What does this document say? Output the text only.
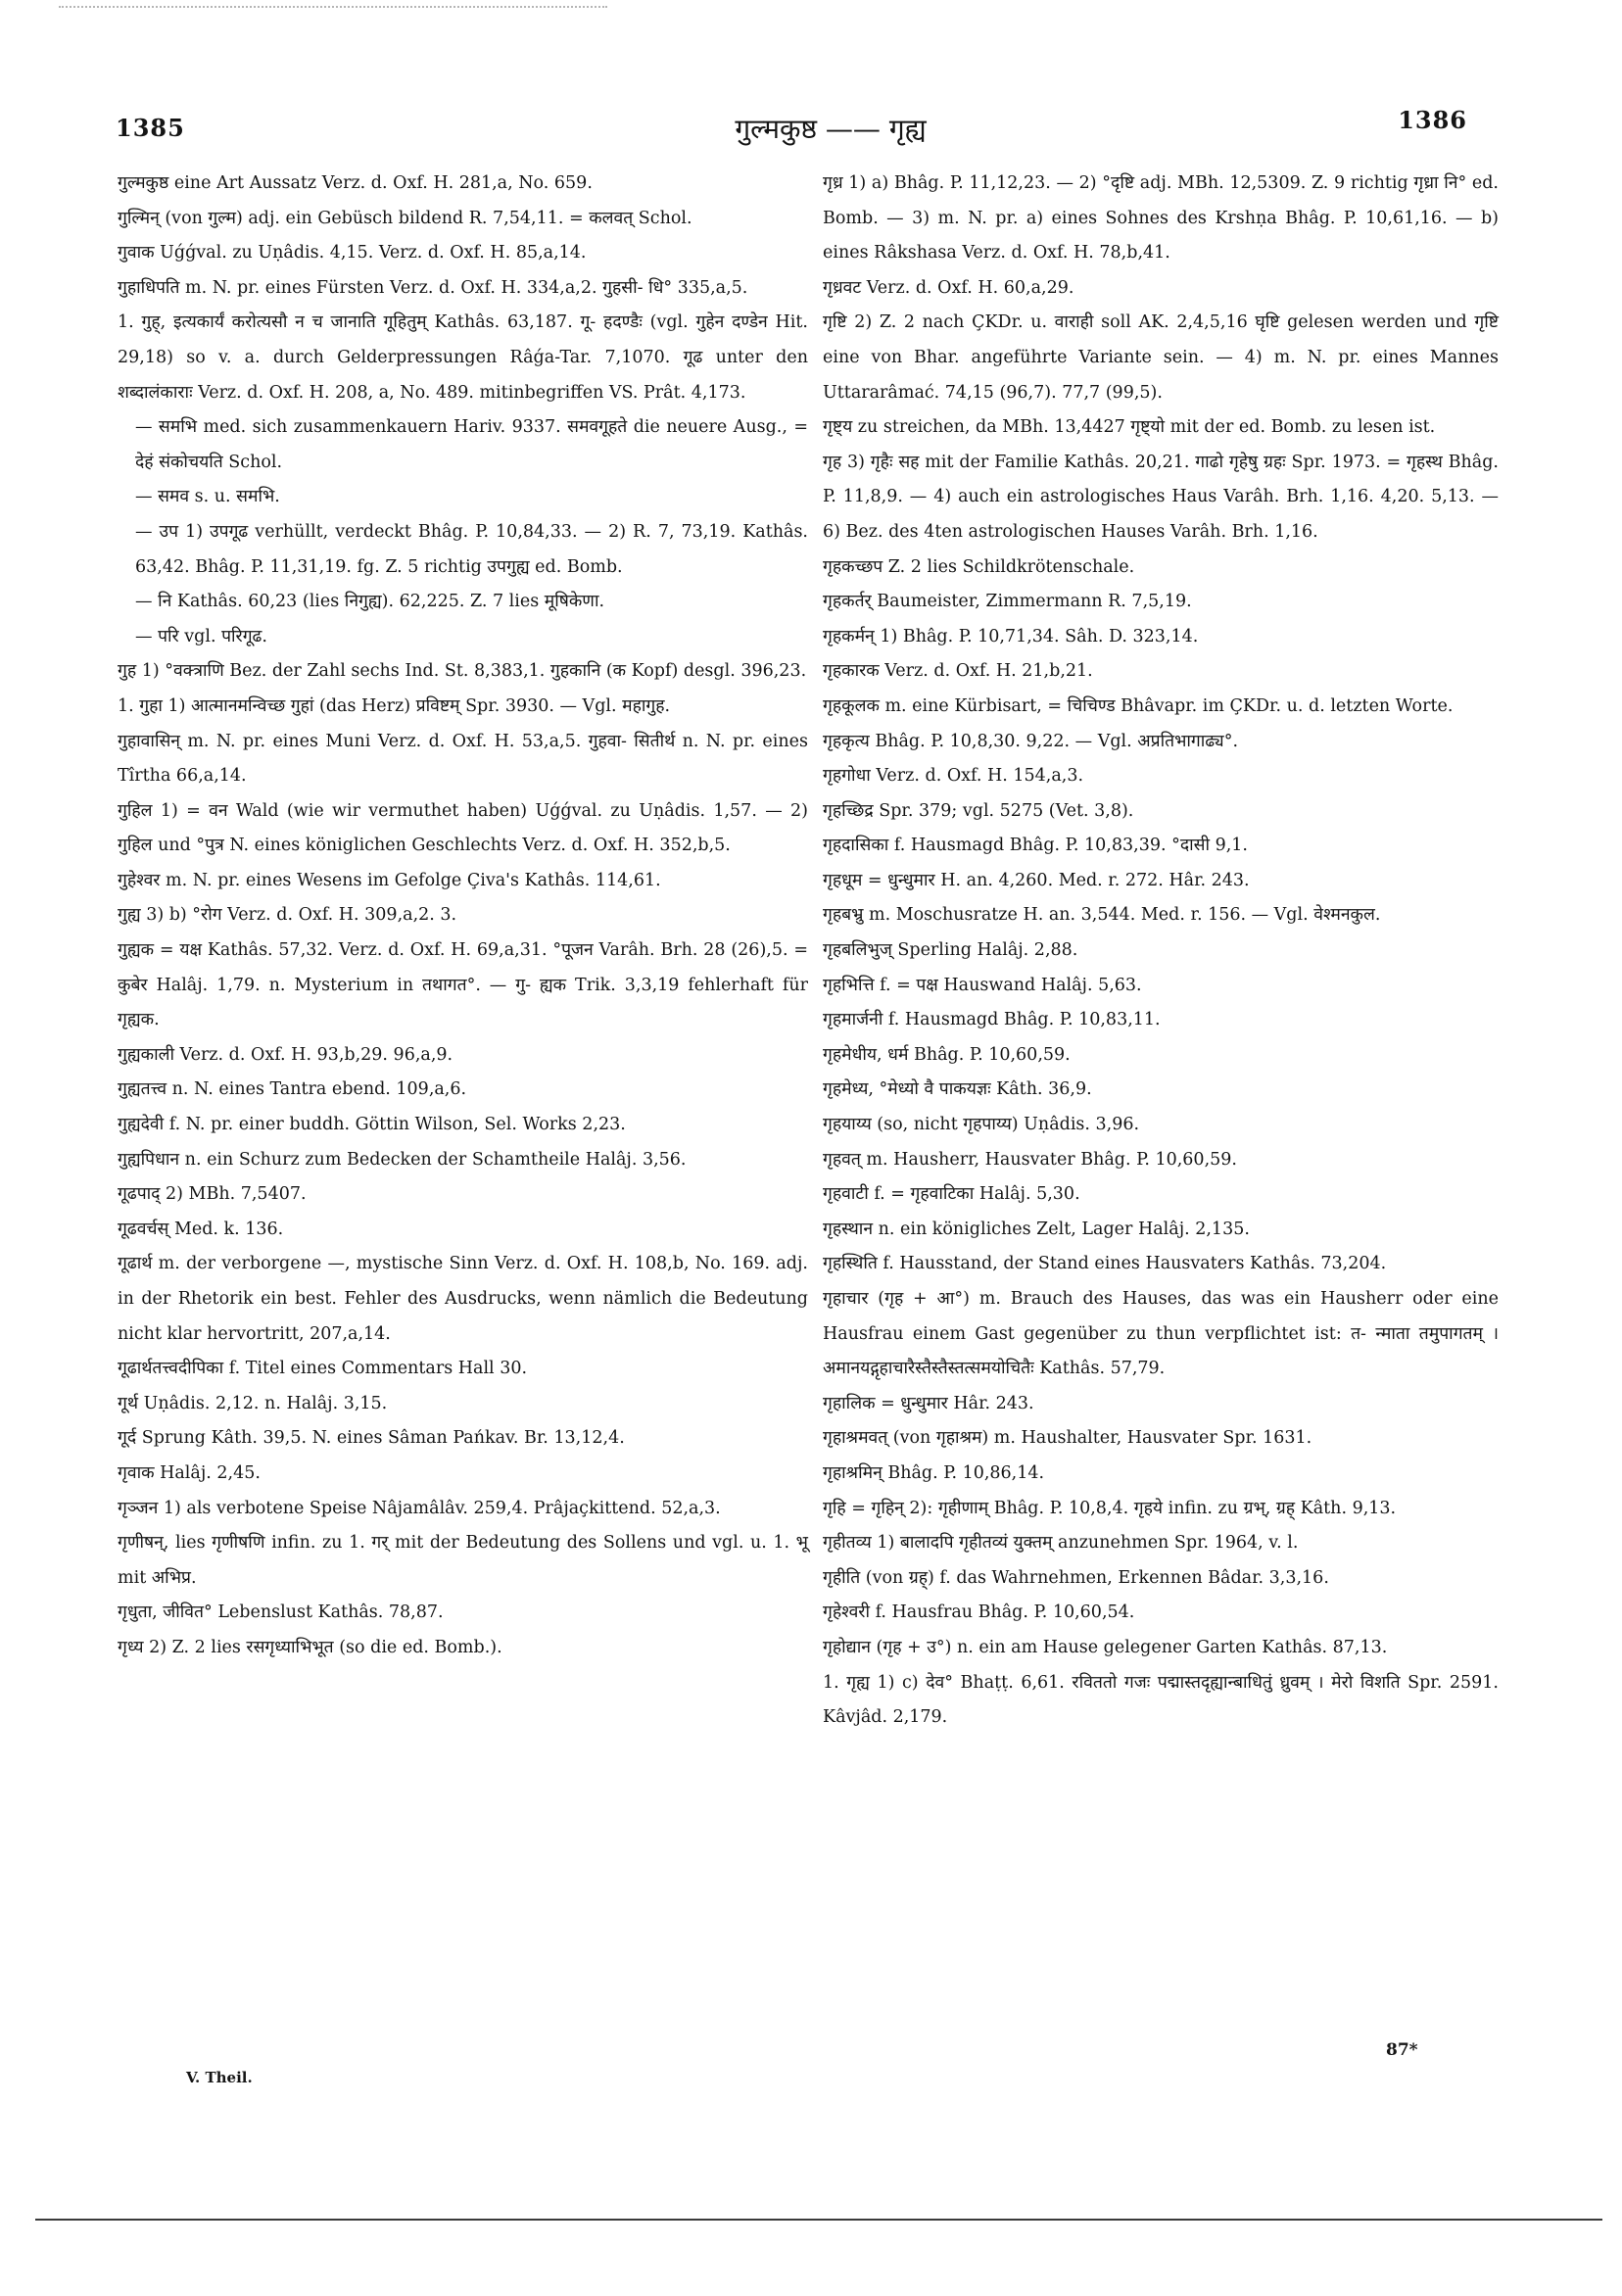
1385	गुल्मकुष्ठ —— गृह्य	1386

गुल्मकुष्ठ eine Art Aussatz Verz. d. Oxf. H. 281,a, No. 659.

गुल्मिन् (von गुल्म) adj. ein Gebüsch bildend R. 7,54,11. = कलवत् Schol.

गुवाक Uǵǵval. zu Uṇâdis. 4,15. Verz. d. Oxf. H. 85,a,14.

गुहाधिपति m. N. pr. eines Fürsten Verz. d. Oxf. H. 334,a,2. गुहसी- धि° 335,a,5.

1. गुह्, इत्यकार्यं करोत्यसौ न च जानाति गूहितुम् Kathâs. 63,187. गू- हदण्डैः (vgl. गुहेन दण्डेन Hit. 29,18) so v. a. durch Gelderpressungen Râǵa-Tar. 7,1070. गूढ unter den शब्दालंकाराः Verz. d. Oxf. H. 208, a, No. 489. mitinbegriffen VS. Prât. 4,173.

— समभि med. sich zusammenkauern Hariv. 9337. समवगूहते die neuere Ausg., = देहं संकोचयति Schol.

— समव s. u. समभि.

— उप 1) उपगूढ verhüllt, verdeckt Bhâg. P. 10,84,33. — 2) R. 7, 73,19. Kathâs. 63,42. Bhâg. P. 11,31,19. fg. Z. 5 richtig उपगुह्य ed. Bomb.

— नि Kathâs. 60,23 (lies निगुह्य). 62,225. Z. 7 lies मूषिकेणा.

— परि vgl. परिगूढ.

गुह 1) °वक्त्राणि Bez. der Zahl sechs Ind. St. 8,383,1. गुहकानि (क Kopf) desgl. 396,23.

1. गुहा 1) आत्मानमन्विच्छ गुहां (das Herz) प्रविष्टम् Spr. 3930. — Vgl. महागुह.

गुहावासिन् m. N. pr. eines Muni Verz. d. Oxf. H. 53,a,5. गुहवा- सितीर्थ n. N. pr. eines Tîrtha 66,a,14.

गुहिल 1) = वन Wald (wie wir vermuthet haben) Uǵǵval. zu Uṇâdis. 1,57. — 2) गुहिल und °पुत्र N. eines königlichen Geschlechts Verz. d. Oxf. H. 352,b,5.

गुहेश्वर m. N. pr. eines Wesens im Gefolge Çiva's Kathâs. 114,61.

गुह्य 3) b) °रोग Verz. d. Oxf. H. 309,a,2. 3.

गुह्यक = यक्ष Kathâs. 57,32. Verz. d. Oxf. H. 69,a,31. °पूजन Varâh. Brh. 28 (26),5. = कुबेर Halâj. 1,79. n. Mysterium in तथागत°. — गु- ह्यक Trik. 3,3,19 fehlerhaft für गृह्यक.

गुह्यकाली Verz. d. Oxf. H. 93,b,29. 96,a,9.

गुह्यतत्त्व n. N. eines Tantra ebend. 109,a,6.

गुह्यदेवी f. N. pr. einer buddh. Göttin Wilson, Sel. Works 2,23.

गुह्यपिधान n. ein Schurz zum Bedecken der Schamtheile Halâj. 3,56.

गूढपाद् 2) MBh. 7,5407.

गूढवर्चस् Med. k. 136.

गूढार्थ m. der verborgene —, mystische Sinn Verz. d. Oxf. H. 108,b, No. 169. adj. in der Rhetorik ein best. Fehler des Ausdrucks, wenn nämlich die Bedeutung nicht klar hervortritt, 207,a,14.

गूढार्थतत्त्वदीपिका f. Titel eines Commentars Hall 30.

गूर्थ Uṇâdis. 2,12. n. Halâj. 3,15.

गूर्द Sprung Kâth. 39,5. N. eines Sâman Pańkav. Br. 13,12,4.

गृवाक Halâj. 2,45.

गृञ्जन 1) als verbotene Speise Nâjamâlâv. 259,4. Prâjaçkittend. 52,a,3.

गृणीषन्, lies गृणीषणि infin. zu 1. गर् mit der Bedeutung des Sollens und vgl. u. 1. भू mit अभिप्र.

गृधुता, जीवित° Lebenslust Kathâs. 78,87.

गृध्य 2) Z. 2 lies रसगृध्याभिभूत (so die ed. Bomb.).

गृध्र 1) a) Bhâg. P. 11,12,23. — 2) °दृष्टि adj. MBh. 12,5309. Z. 9 richtig गृध्रा नि° ed. Bomb. — 3) m. N. pr. a) eines Sohnes des Krshṇa Bhâg. P. 10,61,16. — b) eines Râkshasa Verz. d. Oxf. H. 78,b,41.

गृध्रवट Verz. d. Oxf. H. 60,a,29.

गृष्टि 2) Z. 2 nach ÇKDr. u. वाराही soll AK. 2,4,5,16 घृष्टि gelesen werden und गृष्टि eine von Bhar. angeführte Variante sein. — 4) m. N. pr. eines Mannes Uttararâmać. 74,15 (96,7). 77,7 (99,5).

गृष्ट्य zu streichen, da MBh. 13,4427 गृष्ट्यो mit der ed. Bomb. zu lesen ist.

गृह 3) गृहैः सह mit der Familie Kathâs. 20,21. गाढो गृहेषु ग्रहः Spr. 1973. = गृहस्थ Bhâg. P. 11,8,9. — 4) auch ein astrologisches Haus Varâh. Brh. 1,16. 4,20. 5,13. — 6) Bez. des 4ten astrologischen Hauses Varâh. Brh. 1,16.

गृहकच्छप Z. 2 lies Schildkrötenschale.

गृहकर्तर् Baumeister, Zimmermann R. 7,5,19.

गृहकर्मन् 1) Bhâg. P. 10,71,34. Sâh. D. 323,14.

गृहकारक Verz. d. Oxf. H. 21,b,21.

गृहकूलक m. eine Kürbisart, = चिचिण्ड Bhâvapr. im ÇKDr. u. d. letzten Worte.

गृहकृत्य Bhâg. P. 10,8,30. 9,22. — Vgl. अप्रतिभागाढ्य°.

गृहगोधा Verz. d. Oxf. H. 154,a,3.

गृहच्छिद्र Spr. 379; vgl. 5275 (Vet. 3,8).

गृहदासिका f. Hausmagd Bhâg. P. 10,83,39. °दासी 9,1.

गृहधूम = धुन्धुमार H. an. 4,260. Med. r. 272. Hâr. 243.

गृहबभ्रु m. Moschusratze H. an. 3,544. Med. r. 156. — Vgl. वेश्मनकुल.

गृहबलिभुज् Sperling Halâj. 2,88.

गृहभित्ति f. = पक्ष Hauswand Halâj. 5,63.

गृहमार्जनी f. Hausmagd Bhâg. P. 10,83,11.

गृहमेधीय, धर्म Bhâg. P. 10,60,59.

गृहमेध्य, °मेध्यो वै पाकयज्ञः Kâth. 36,9.

गृहयाय्य (so, nicht गृहपाय्य) Uṇâdis. 3,96.

गृहवत् m. Hausherr, Hausvater Bhâg. P. 10,60,59.

गृहवाटी f. = गृहवाटिका Halâj. 5,30.

गृहस्थान n. ein königliches Zelt, Lager Halâj. 2,135.

गृहस्थिति f. Hausstand, der Stand eines Hausvaters Kathâs. 73,204.

गृहाचार (गृह + आ°) m. Brauch des Hauses, das was ein Hausherr oder eine Hausfrau einem Gast gegenüber zu thun verpflichtet ist: त- न्माता तमुपागतम् । अमानयद्गृहाचारैस्तैस्तैस्तत्समयोचितैः Kathâs. 57,79.

गृहालिक = धुन्धुमार Hâr. 243.

गृहाश्रमवत् (von गृहाश्रम) m. Haushalter, Hausvater Spr. 1631.

गृहाश्रमिन् Bhâg. P. 10,86,14.

गृहि = गृहिन् 2): गृहीणाम् Bhâg. P. 10,8,4. गृहये infin. zu ग्रभ्, ग्रह् Kâth. 9,13.

गृहीतव्य 1) बालादपि गृहीतव्यं युक्तम् anzunehmen Spr. 1964, v. l.

गृहीति (von ग्रह्) f. das Wahrnehmen, Erkennen Bâdar. 3,3,16.

गृहेश्वरी f. Hausfrau Bhâg. P. 10,60,54.

गृहोद्यान (गृह + उ°) n. ein am Hause gelegener Garten Kathâs. 87,13.

1. गृह्य 1) c) देव° Bhaṭṭ. 6,61. रविततो गजः पद्मास्तदृह्यान्बाधितुं ध्रुवम् । मेरो विशति Spr. 2591. Kâvjâd. 2,179.

V. Theil.
87*
